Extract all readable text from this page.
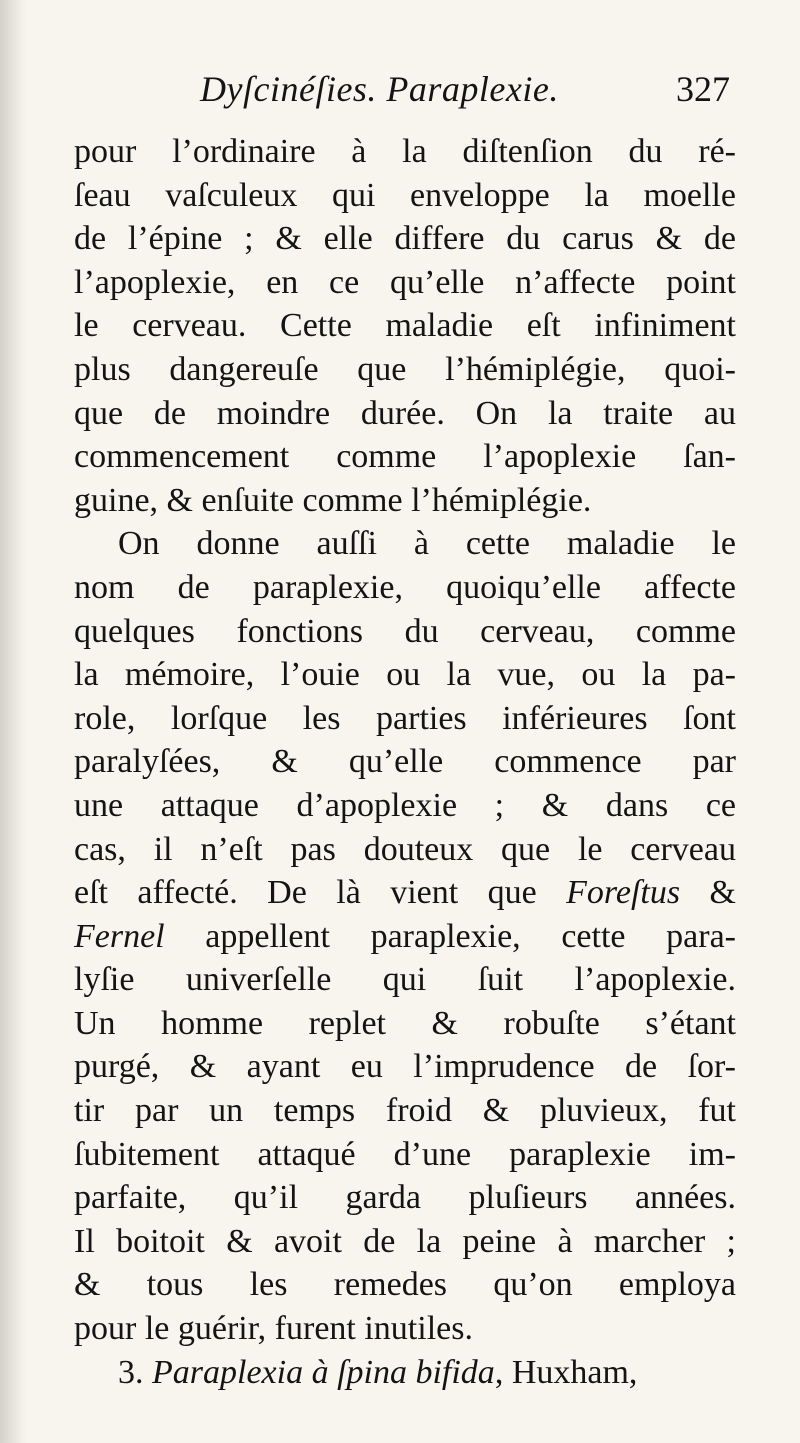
Dyſcinéſies. Paraplexie.	327
pour l’ordinaire à la diſtenſion du ré-
ſeau vaſculeux qui enveloppe la moelle
de l’épine ; & elle differe du carus & de
l’apoplexie, en ce qu’elle n’affecte point
le cerveau. Cette maladie eſt infiniment
plus dangereuſe que l’hémiplégie, quoi-
que de moindre durée. On la traite au
commencement comme l’apoplexie ſan-
guine, & enſuite comme l’hémiplégie.
On donne auſſi à cette maladie le
nom de paraplexie, quoiqu’elle affecte
quelques fonctions du cerveau, comme
la mémoire, l’ouie ou la vue, ou la pa-
role, lorſque les parties inférieures ſont
paralyſées, & qu’elle commence par
une attaque d’apoplexie ; & dans ce
cas, il n’eſt pas douteux que le cerveau
eſt affecté. De là vient que Foreſtus &
Fernel appellent paraplexie, cette para-
lyſie univerſelle qui ſuit l’apoplexie.
Un homme replet & robuſte s’étant
purgé, & ayant eu l’imprudence de ſor-
tir par un temps froid & pluvieux, fut
ſubitement attaqué d’une paraplexie im-
parfaite, qu’il garda pluſieurs années.
Il boitoit & avoit de la peine à marcher ;
& tous les remedes qu’on employa
pour le guérir, furent inutiles.
3. Paraplexia à ſpina bifida, Huxham,
